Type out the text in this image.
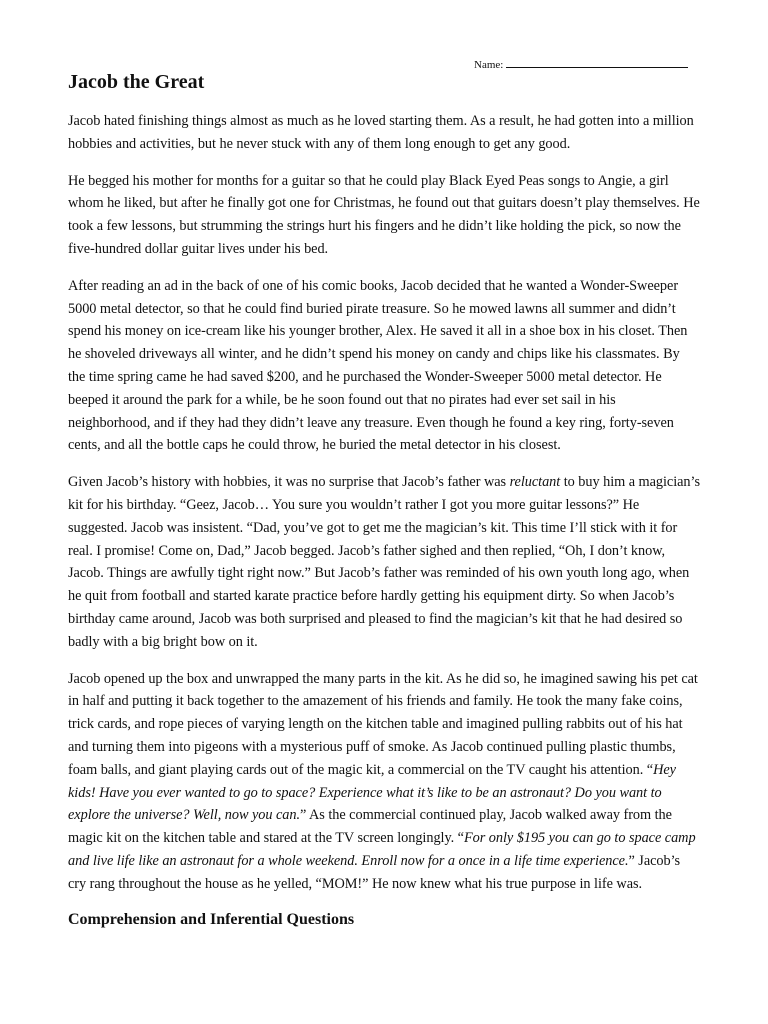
Name:
Jacob the Great

Jacob hated finishing things almost as much as he loved starting them. As a result, he had gotten into a million hobbies and activities, but he never stuck with any of them long enough to get any good.

He begged his mother for months for a guitar so that he could play Black Eyed Peas songs to Angie, a girl whom he liked, but after he finally got one for Christmas, he found out that guitars doesn’t play themselves. He took a few lessons, but strumming the strings hurt his fingers and he didn’t like holding the pick, so now the five-hundred dollar guitar lives under his bed.

After reading an ad in the back of one of his comic books, Jacob decided that he wanted a Wonder-Sweeper 5000 metal detector, so that he could find buried pirate treasure. So he mowed lawns all summer and didn’t spend his money on ice-cream like his younger brother, Alex. He saved it all in a shoe box in his closet. Then he shoveled driveways all winter, and he didn’t spend his money on candy and chips like his classmates. By the time spring came he had saved $200, and he purchased the Wonder-Sweeper 5000 metal detector. He beeped it around the park for a while, be he soon found out that no pirates had ever set sail in his neighborhood, and if they had they didn’t leave any treasure. Even though he found a key ring, forty-seven cents, and all the bottle caps he could throw, he buried the metal detector in his closest.

Given Jacob’s history with hobbies, it was no surprise that Jacob’s father was reluctant to buy him a magician’s kit for his birthday. “Geez, Jacob… You sure you wouldn’t rather I got you more guitar lessons?” He suggested. Jacob was insistent. “Dad, you’ve got to get me the magician’s kit. This time I’ll stick with it for real. I promise! Come on, Dad,” Jacob begged. Jacob’s father sighed and then replied, “Oh, I don’t know, Jacob. Things are awfully tight right now.” But Jacob’s father was reminded of his own youth long ago, when he quit from football and started karate practice before hardly getting his equipment dirty. So when Jacob’s birthday came around, Jacob was both surprised and pleased to find the magician’s kit that he had desired so badly with a big bright bow on it.

Jacob opened up the box and unwrapped the many parts in the kit. As he did so, he imagined sawing his pet cat in half and putting it back together to the amazement of his friends and family. He took the many fake coins, trick cards, and rope pieces of varying length on the kitchen table and imagined pulling rabbits out of his hat and turning them into pigeons with a mysterious puff of smoke. As Jacob continued pulling plastic thumbs, foam balls, and giant playing cards out of the magic kit, a commercial on the TV caught his attention. “Hey kids! Have you ever wanted to go to space? Experience what it’s like to be an astronaut? Do you want to explore the universe? Well, now you can.” As the commercial continued play, Jacob walked away from the magic kit on the kitchen table and stared at the TV screen longingly. “For only $195 you can go to space camp and live life like an astronaut for a whole weekend. Enroll now for a once in a life time experience.” Jacob’s cry rang throughout the house as he yelled, “MOM!” He now knew what his true purpose in life was.

Comprehension and Inferential Questions
